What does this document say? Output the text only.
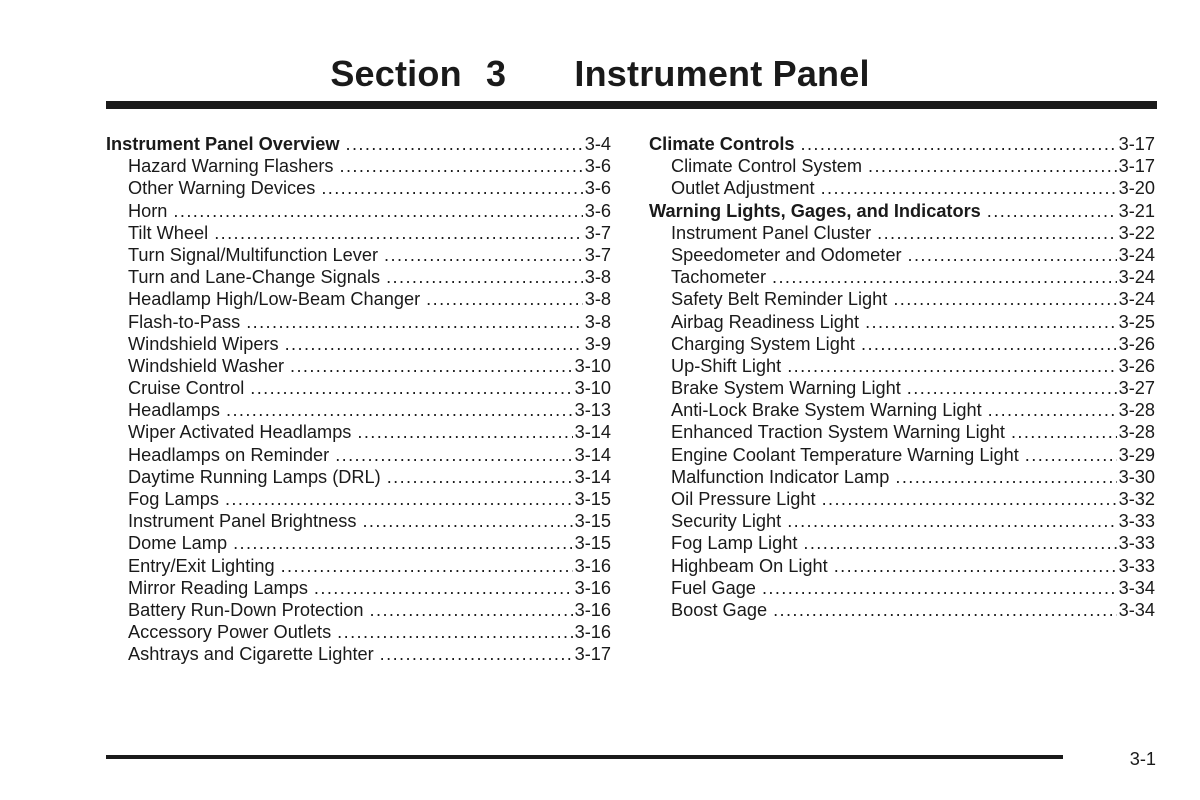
Section 3 Instrument Panel
Instrument Panel Overview .....	3-4
Hazard Warning Flashers .....	3-6
Other Warning Devices .....	3-6
Horn .....	3-6
Tilt Wheel .....	3-7
Turn Signal/Multifunction Lever .....	3-7
Turn and Lane-Change Signals .....	3-8
Headlamp High/Low-Beam Changer .....	3-8
Flash-to-Pass .....	3-8
Windshield Wipers .....	3-9
Windshield Washer .....	3-10
Cruise Control .....	3-10
Headlamps .....	3-13
Wiper Activated Headlamps .....	3-14
Headlamps on Reminder .....	3-14
Daytime Running Lamps (DRL) .....	3-14
Fog Lamps .....	3-15
Instrument Panel Brightness .....	3-15
Dome Lamp .....	3-15
Entry/Exit Lighting .....	3-16
Mirror Reading Lamps .....	3-16
Battery Run-Down Protection .....	3-16
Accessory Power Outlets .....	3-16
Ashtrays and Cigarette Lighter .....	3-17
Climate Controls .....	3-17
Climate Control System .....	3-17
Outlet Adjustment .....	3-20
Warning Lights, Gages, and Indicators .....	3-21
Instrument Panel Cluster .....	3-22
Speedometer and Odometer .....	3-24
Tachometer .....	3-24
Safety Belt Reminder Light .....	3-24
Airbag Readiness Light .....	3-25
Charging System Light .....	3-26
Up-Shift Light .....	3-26
Brake System Warning Light .....	3-27
Anti-Lock Brake System Warning Light .....	3-28
Enhanced Traction System Warning Light .....	3-28
Engine Coolant Temperature Warning Light .....	3-29
Malfunction Indicator Lamp .....	3-30
Oil Pressure Light .....	3-32
Security Light .....	3-33
Fog Lamp Light .....	3-33
Highbeam On Light .....	3-33
Fuel Gage .....	3-34
Boost Gage .....	3-34
3-1
